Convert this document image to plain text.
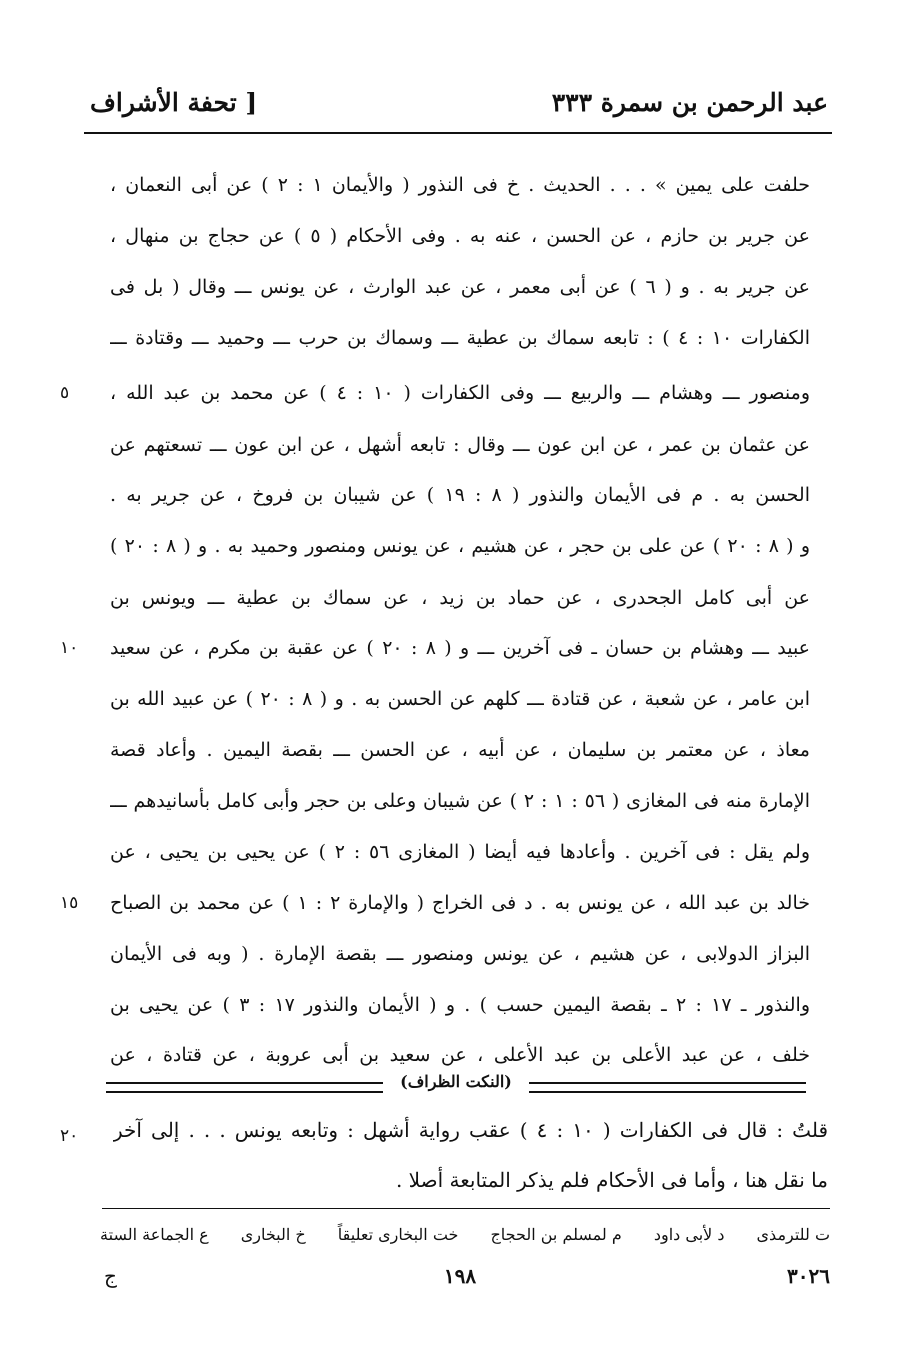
عبد الرحمن بن سمرة ٣٣٣
[ تحفة الأشراف
حلفت على يمين » . . . الحديث . خ فى النذور ( والأيمان ١ : ٢ ) عن أبى النعمان ،
عن جرير بن حازم ، عن الحسن ، عنه به . وفى الأحكام ( ٥ ) عن حجاج بن منهال ،
عن جرير به . و ( ٦ ) عن أبى معمر ، عن عبد الوارث ، عن يونس ـــ وقال ( بل فى
الكفارات ١٠ : ٤ ) : تابعه سماك بن عطية ـــ وسماك بن حرب ـــ وحميد ـــ وقتادة ـــ
ومنصور ـــ وهشام ـــ والربيع ـــ وفى الكفارات ( ١٠ : ٤ ) عن محمد بن عبد الله ،
عن عثمان بن عمر ، عن ابن عون ـــ وقال : تابعه أشهل ، عن ابن عون ـــ تسعتهم عن
الحسن به . م فى الأيمان والنذور ( ٨ : ١٩ ) عن شيبان بن فروخ ، عن جرير به .
و ( ٨ : ٢٠ ) عن على بن حجر ، عن هشيم ، عن يونس ومنصور وحميد به . و ( ٨ : ٢٠ )
عن أبى كامل الجحدرى ، عن حماد بن زيد ، عن سماك بن عطية ـــ ويونس بن
عبيد ـــ وهشام بن حسان ـ فى آخرين ـــ و ( ٨ : ٢٠ ) عن عقبة بن مكرم ، عن سعيد
ابن عامر ، عن شعبة ، عن قتادة ـــ كلهم عن الحسن به . و ( ٨ : ٢٠ ) عن عبيد الله بن
معاذ ، عن معتمر بن سليمان ، عن أبيه ، عن الحسن ـــ بقصة اليمين . وأعاد قصة
الإمارة منه فى المغازى ( ٥٦ : ١ : ٢ ) عن شيبان وعلى بن حجر وأبى كامل بأسانيدهم ـــ
ولم يقل : فى آخرين . وأعادها فيه أيضا ( المغازى ٥٦ : ٢ ) عن يحيى بن يحيى ، عن
خالد بن عبد الله ، عن يونس به . د فى الخراج ( والإمارة ٢ : ١ ) عن محمد بن الصباح
البزاز الدولابى ، عن هشيم ، عن يونس ومنصور ـــ بقصة الإمارة . ( وبه فى الأيمان
والنذور ـ ١٧ : ٢ ـ بقصة اليمين حسب ) . و ( الأيمان والنذور ١٧ : ٣ ) عن يحيى بن
خلف ، عن عبد الأعلى بن عبد الأعلى ، عن سعيد بن أبى عروبة ، عن قتادة ، عن
٥
١٠
١٥
٢٠
(النكت الظراف)
قلتُ : قال فى الكفارات ( ١٠ : ٤ ) عقب رواية أشهل : وتابعه يونس . . . إلى آخر
ما نقل هنا ، وأما فى الأحكام فلم يذكر المتابعة أصلا .
ع الجماعة الستة خ البخارى خت البخارى تعليقاً م لمسلم بن الحجاج د لأبى داود ت للترمذى
٣٠٢٦
١٩٨
ج
